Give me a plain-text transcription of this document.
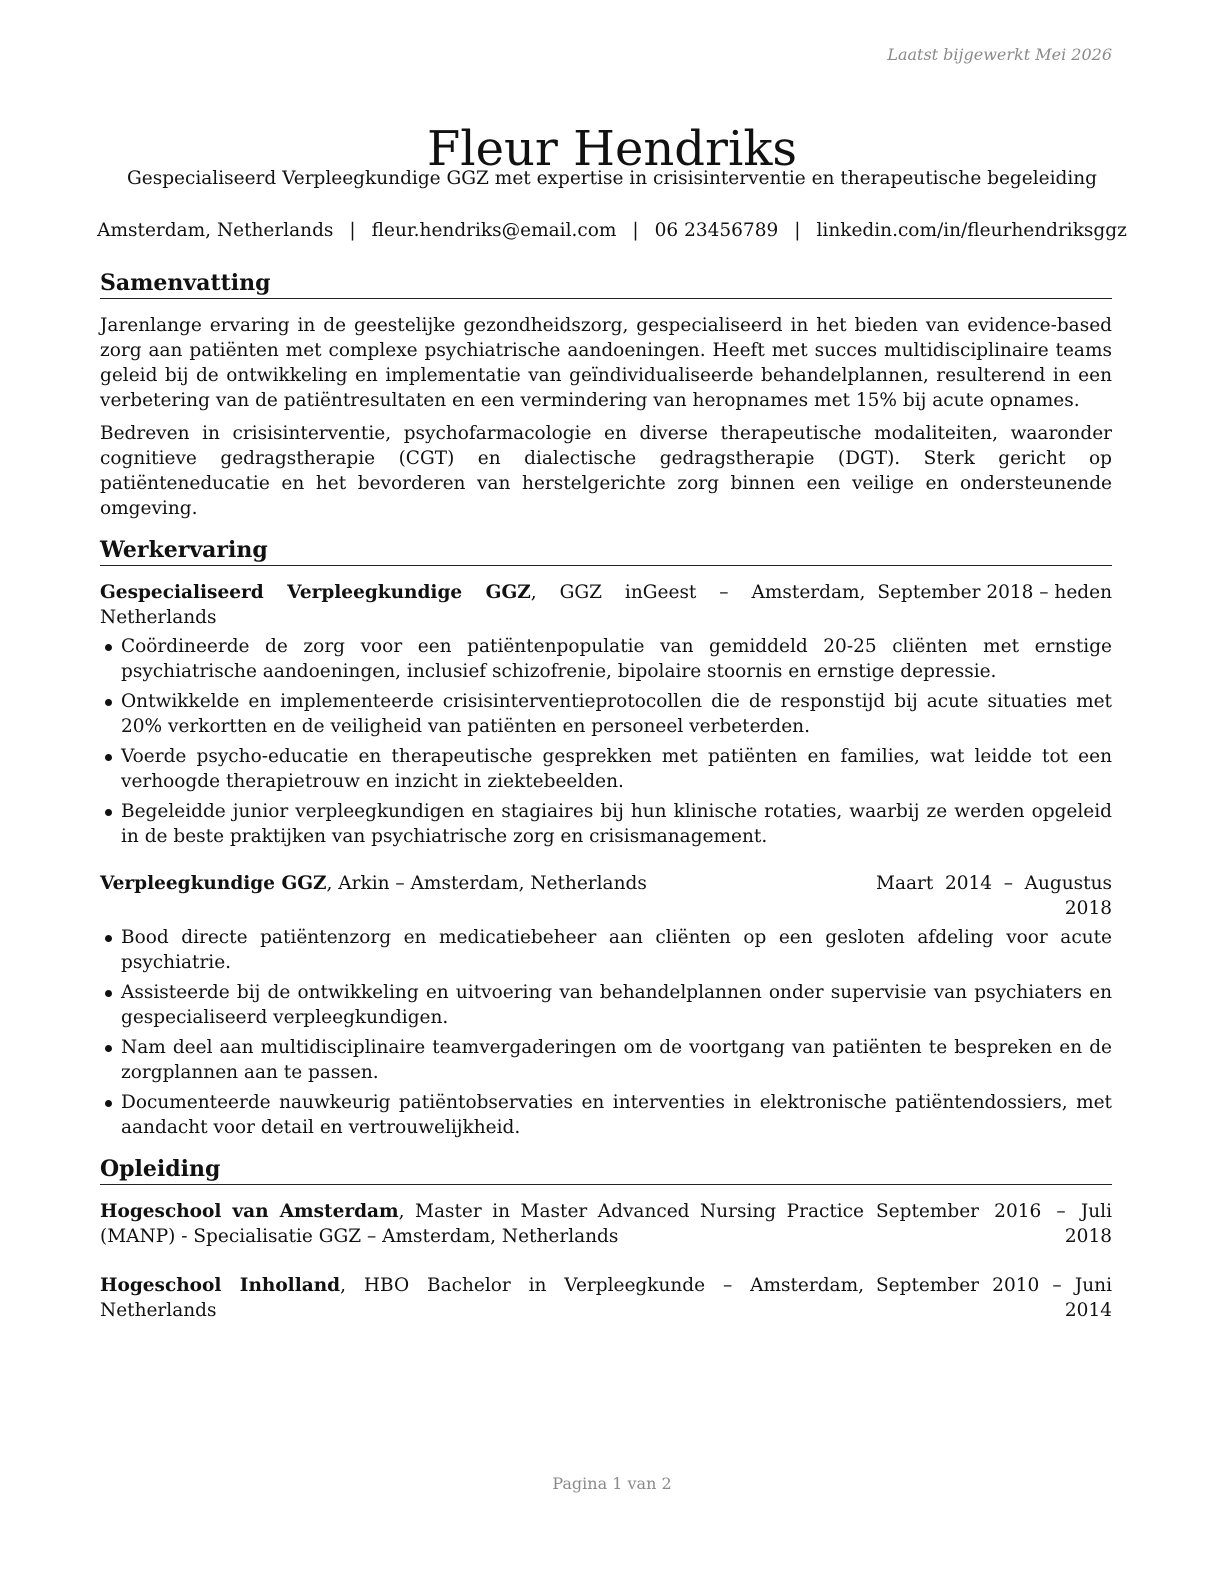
Laatst bijgewerkt Mei 2026
Fleur Hendriks
Gespecialiseerd Verpleegkundige GGZ met expertise in crisisinterventie en therapeutische begeleiding
Amsterdam, Netherlands | fleur.hendriks@email.com | 06 23456789 | linkedin.com/in/fleurhendriksggz
Samenvatting

Jarenlange ervaring in de geestelijke gezondheidszorg, gespecialiseerd in het bieden van evidence-based zorg aan patiënten met complexe psychiatrische aandoeningen. Heeft met succes multidisciplinaire teams geleid bij de ontwikkeling en implementatie van geïndividualiseerde behandelplannen, resulterend in een verbetering van de patiëntresultaten en een vermindering van heropnames met 15% bij acute opnames.

Bedreven in crisisinterventie, psychofarmacologie en diverse therapeutische modaliteiten, waaronder cognitieve gedragstherapie (CGT) en dialectische gedragstherapie (DGT). Sterk gericht op patiënteneducatie en het bevorderen van herstelgerichte zorg binnen een veilige en ondersteunende omgeving.

Werkervaring
Gespecialiseerd Verpleegkundige GGZ, GGZ inGeest – Amsterdam, Netherlands
September 2018 – heden
Coördineerde de zorg voor een patiëntenpopulatie van gemiddeld 20-25 cliënten met ernstige psychiatrische aandoeningen, inclusief schizofrenie, bipolaire stoornis en ernstige depressie.
Ontwikkelde en implementeerde crisisinterventieprotocollen die de responstijd bij acute situaties met 20% verkortten en de veiligheid van patiënten en personeel verbeterden.
Voerde psycho-educatie en therapeutische gesprekken met patiënten en families, wat leidde tot een verhoogde therapietrouw en inzicht in ziektebeelden.
Begeleidde junior verpleegkundigen en stagiaires bij hun klinische rotaties, waarbij ze werden opgeleid in de beste praktijken van psychiatrische zorg en crisismanagement.
Verpleegkundige GGZ, Arkin – Amsterdam, Netherlands	Maart 2014 – Augustus
2018
Bood directe patiëntenzorg en medicatiebeheer aan cliënten op een gesloten afdeling voor acute psychiatrie.
Assisteerde bij de ontwikkeling en uitvoering van behandelplannen onder supervisie van psychiaters en gespecialiseerd verpleegkundigen.
Nam deel aan multidisciplinaire teamvergaderingen om de voortgang van patiënten te bespreken en de zorgplannen aan te passen.
Documenteerde nauwkeurig patiëntobservaties en interventies in elektronische patiëntendossiers, met aandacht voor detail en vertrouwelijkheid.
Opleiding
Hogeschool van Amsterdam, Master in Master Advanced Nursing Practice (MANP) - Specialisatie GGZ – Amsterdam, Netherlands
September 2016 – Juli
2018
Hogeschool Inholland, HBO Bachelor in Verpleegkunde – Amsterdam, Netherlands
September 2010 – Juni
2014
Pagina 1 van 2
